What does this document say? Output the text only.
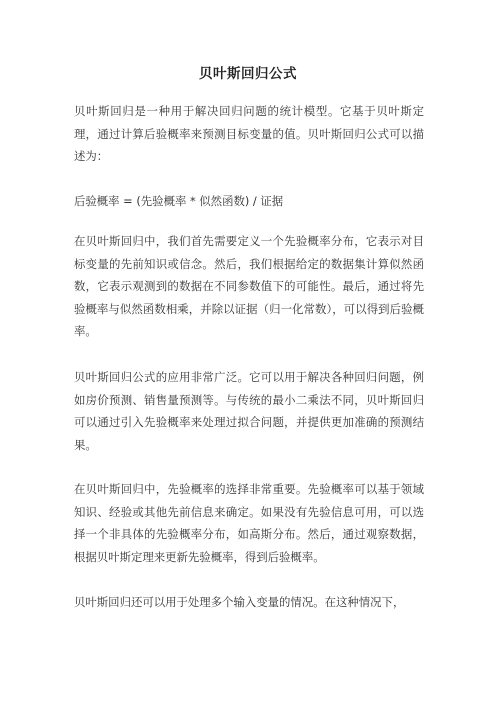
贝叶斯回归公式

贝叶斯回归是一种用于解决回归问题的统计模型。它基于贝叶斯定理，通过计算后验概率来预测目标变量的值。贝叶斯回归公式可以描述为：

后验概率 = (先验概率 * 似然函数) / 证据

在贝叶斯回归中，我们首先需要定义一个先验概率分布，它表示对目标变量的先前知识或信念。然后，我们根据给定的数据集计算似然函数，它表示观测到的数据在不同参数值下的可能性。最后，通过将先验概率与似然函数相乘，并除以证据（归一化常数），可以得到后验概率。

贝叶斯回归公式的应用非常广泛。它可以用于解决各种回归问题，例如房价预测、销售量预测等。与传统的最小二乘法不同，贝叶斯回归可以通过引入先验概率来处理过拟合问题，并提供更加准确的预测结果。

在贝叶斯回归中，先验概率的选择非常重要。先验概率可以基于领域知识、经验或其他先前信息来确定。如果没有先验信息可用，可以选择一个非具体的先验概率分布，如高斯分布。然后，通过观察数据，根据贝叶斯定理来更新先验概率，得到后验概率。

贝叶斯回归还可以用于处理多个输入变量的情况。在这种情况下，
